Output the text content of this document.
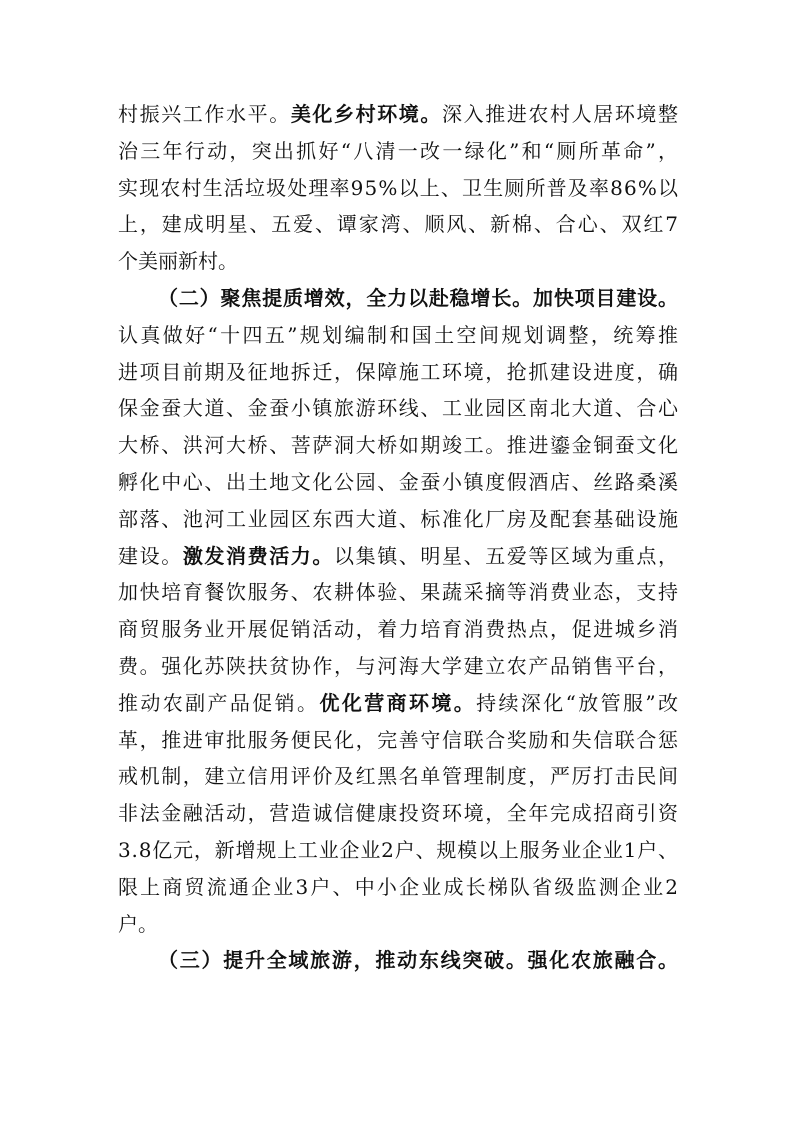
村振兴工作水平。美化乡村环境。深入推进农村人居环境整
治三年行动，突出抓好“八清一改一绿化”和“厕所革命”，
实现农村生活垃圾处理率95%以上、卫生厕所普及率86%以
上，建成明星、五爱、谭家湾、顺风、新棉、合心、双红7
个美丽新村。
（二）聚焦提质增效，全力以赴稳增长。加快项目建设。
认真做好“十四五”规划编制和国土空间规划调整，统筹推
进项目前期及征地拆迁，保障施工环境，抢抓建设进度，确
保金蚕大道、金蚕小镇旅游环线、工业园区南北大道、合心
大桥、洪河大桥、菩萨洞大桥如期竣工。推进鎏金铜蚕文化
孵化中心、出土地文化公园、金蚕小镇度假酒店、丝路桑溪
部落、池河工业园区东西大道、标准化厂房及配套基础设施
建设。激发消费活力。以集镇、明星、五爱等区域为重点，
加快培育餐饮服务、农耕体验、果蔬采摘等消费业态，支持
商贸服务业开展促销活动，着力培育消费热点，促进城乡消
费。强化苏陕扶贫协作，与河海大学建立农产品销售平台，
推动农副产品促销。优化营商环境。持续深化“放管服”改
革，推进审批服务便民化，完善守信联合奖励和失信联合惩
戒机制，建立信用评价及红黑名单管理制度，严厉打击民间
非法金融活动，营造诚信健康投资环境，全年完成招商引资
3.8亿元，新增规上工业企业2户、规模以上服务业企业1户、
限上商贸流通企业3户、中小企业成长梯队省级监测企业2
户。
（三）提升全域旅游，推动东线突破。强化农旅融合。
